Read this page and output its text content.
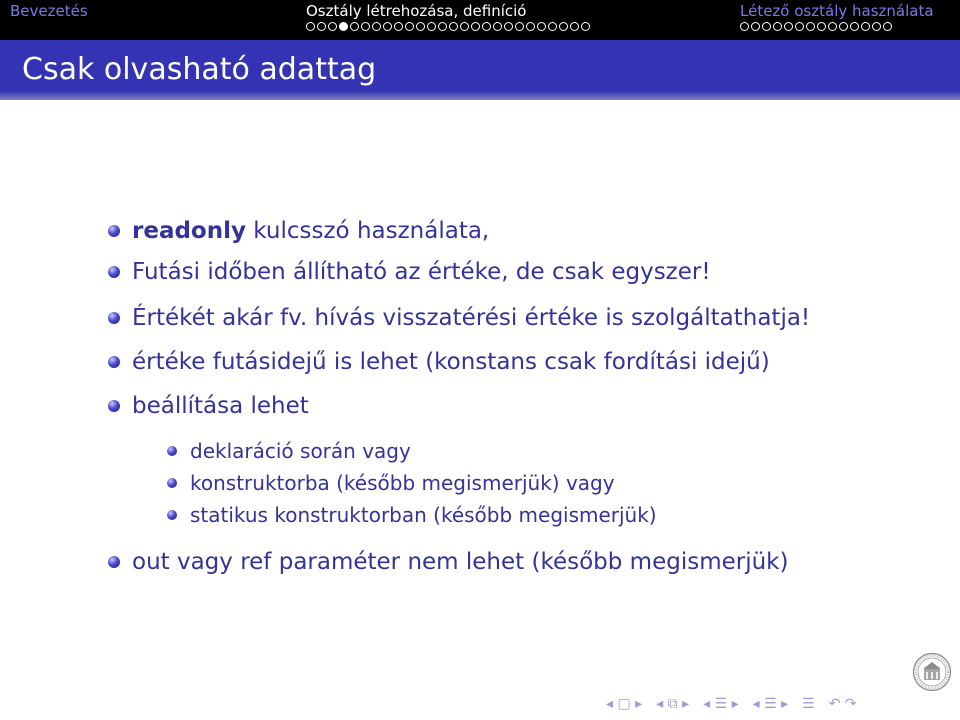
Bevezetés	Osztály létrehozása, definíció	Létező osztály használata
Csak olvasható adattag
readonly kulcsszó használata,
Futási időben állítható az értéke, de csak egyszer!
Értékét akár fv. hívás visszatérési értéke is szolgáltathatja!
értéke futásidejű is lehet (konstans csak fordítási idejű)
beállítása lehet
deklaráció során vagy
konstruktorba (később megismerjük) vagy
statikus konstruktorban (később megismerjük)
out vagy ref paraméter nem lehet (később megismerjük)
◂ ▢ ▸ ◂ ⧉ ▸ ◂ ☰ ▸ ◂ ☰ ▸ ☰ ↶ ↷
